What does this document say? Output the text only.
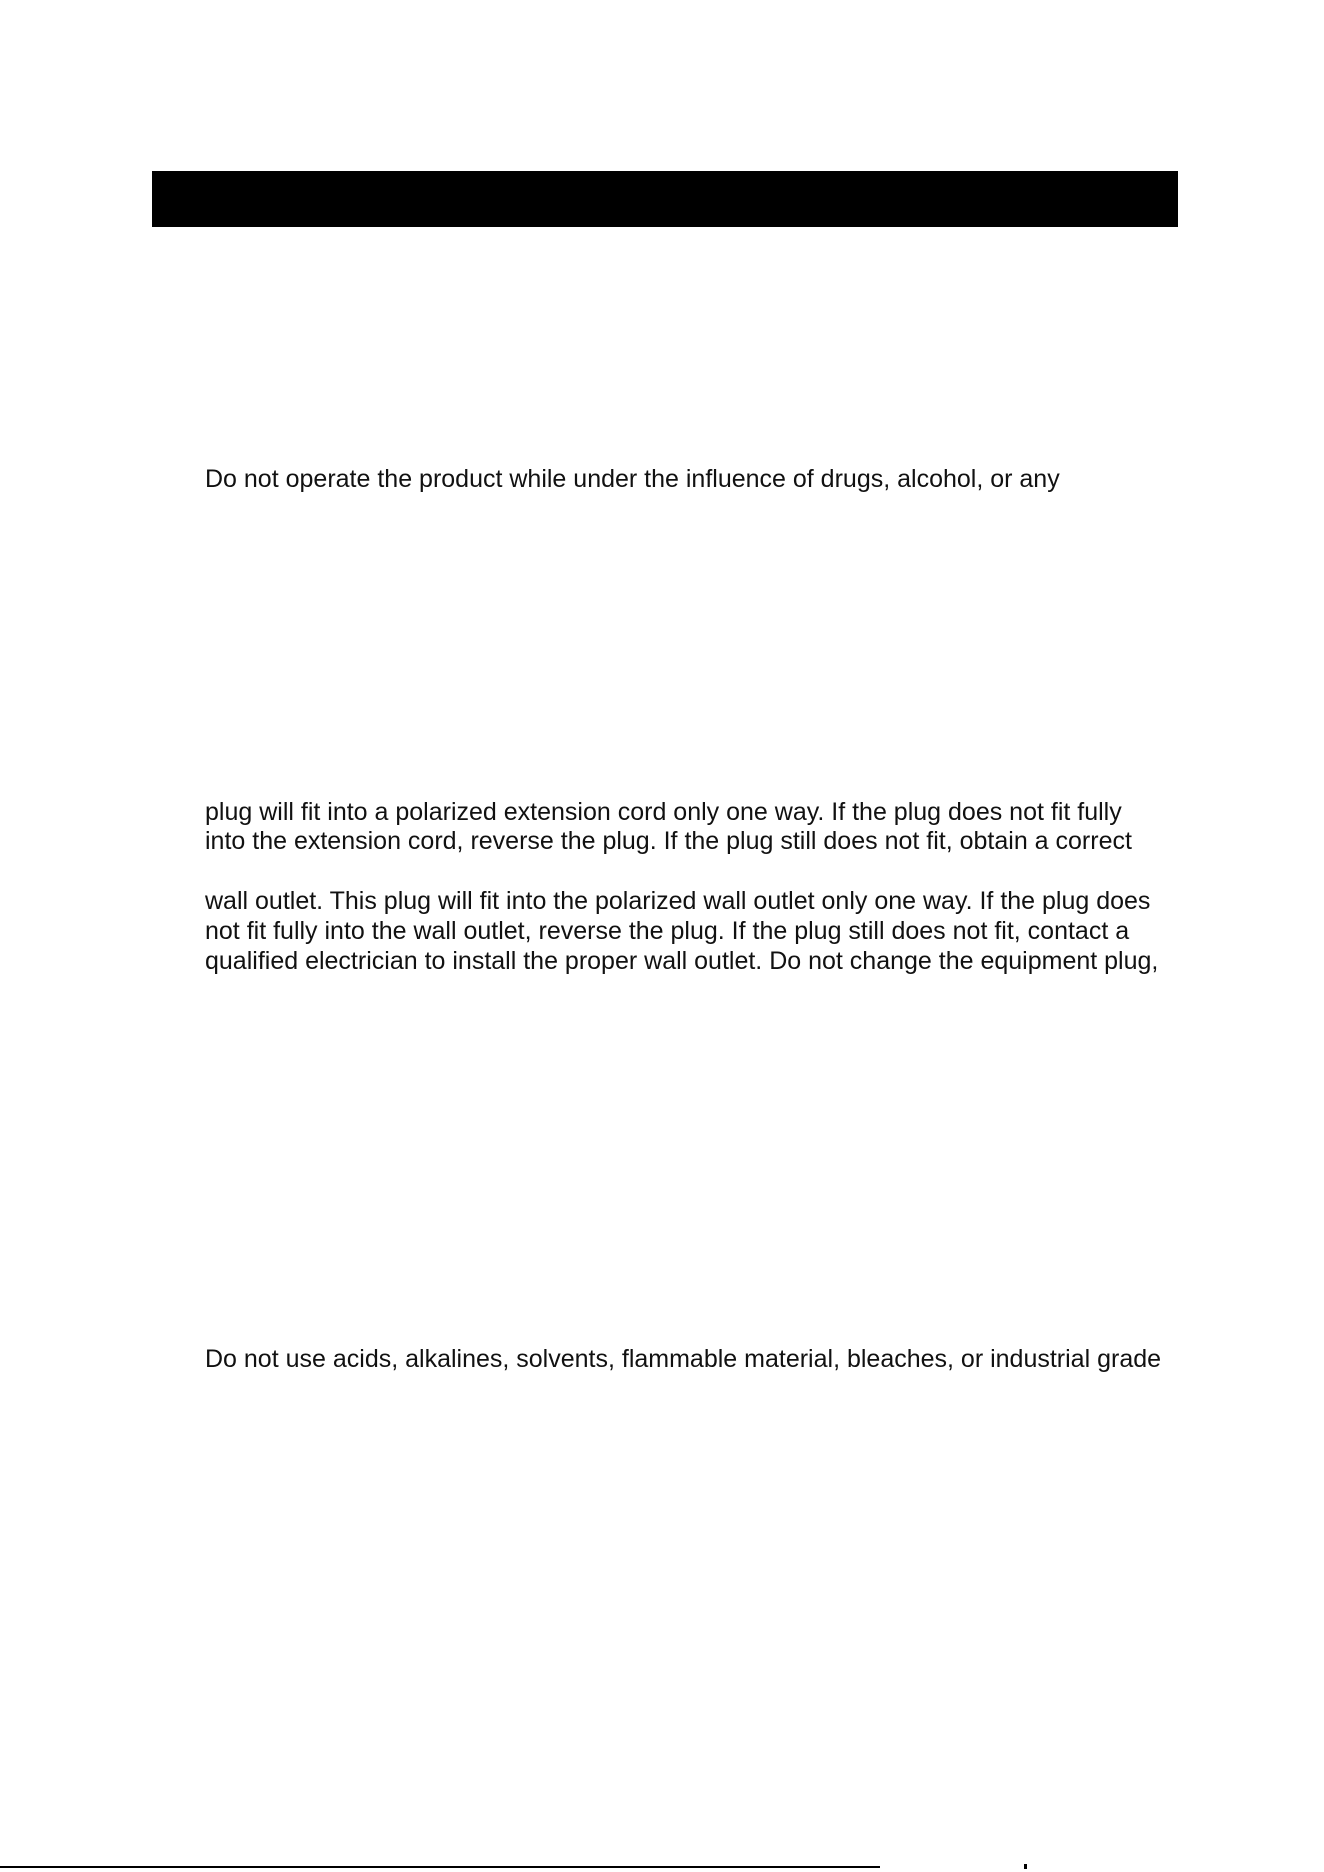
Do not operate the product while under the influence of drugs, alcohol, or any
plug will fit into a polarized extension cord only one way. If the plug does not fit fully
into the extension cord, reverse the plug. If the plug still does not fit, obtain a correct
wall outlet. This plug will fit into the polarized wall outlet only one way. If the plug does
not fit fully into the wall outlet, reverse the plug. If the plug still does not fit, contact a
qualified electrician to install the proper wall outlet. Do not change the equipment plug,
Do not use acids, alkalines, solvents, flammable material, bleaches, or industrial grade
